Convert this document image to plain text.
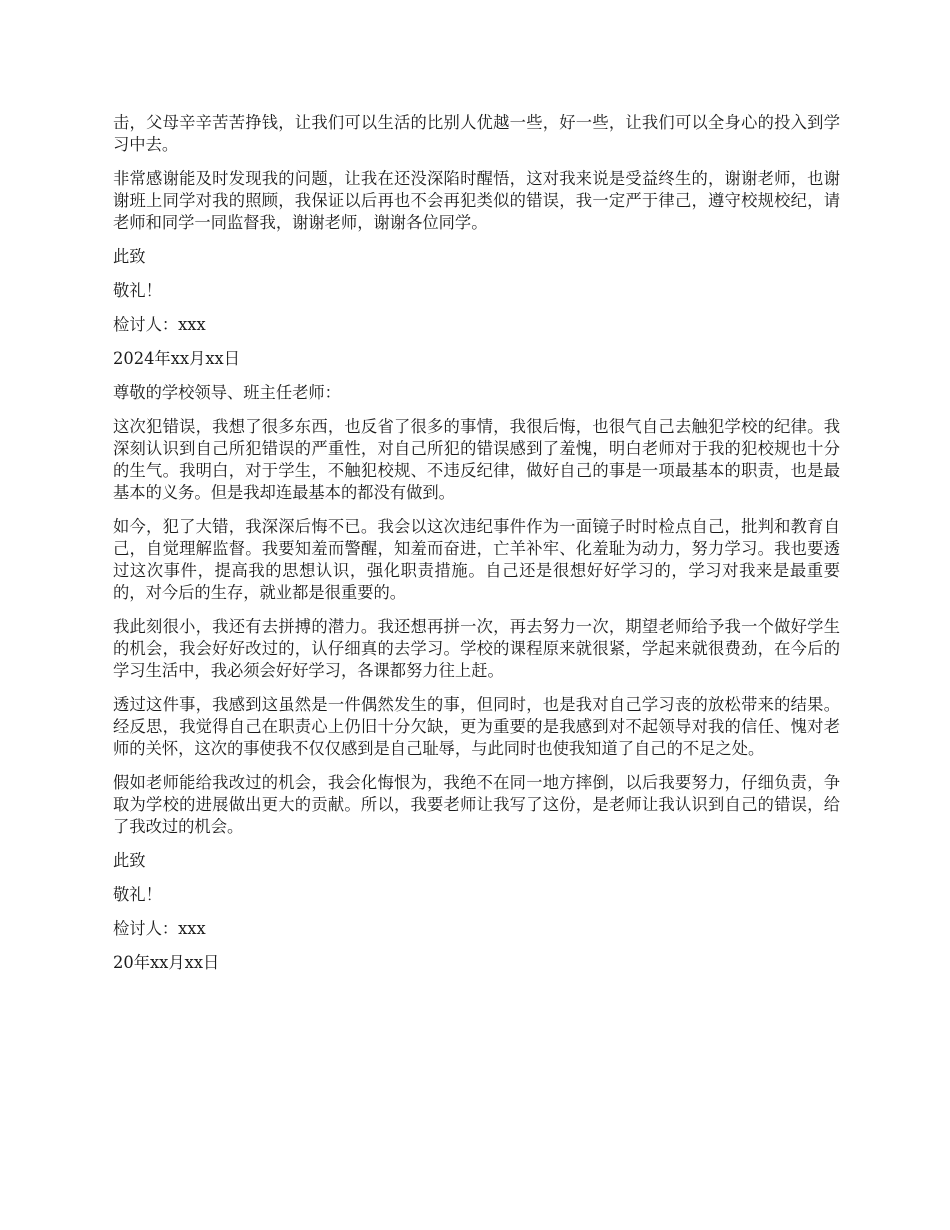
击，父母辛辛苦苦挣钱，让我们可以生活的比别人优越一些，好一些，让我们可以全身心的投入到学习中去。

非常感谢能及时发现我的问题，让我在还没深陷时醒悟，这对我来说是受益终生的，谢谢老师，也谢谢班上同学对我的照顾，我保证以后再也不会再犯类似的错误，我一定严于律己，遵守校规校纪，请老师和同学一同监督我，谢谢老师，谢谢各位同学。

此致

敬礼！

检讨人：xxx

2024年xx月xx日

尊敬的学校领导、班主任老师：

这次犯错误，我想了很多东西，也反省了很多的事情，我很后悔，也很气自己去触犯学校的纪律。我深刻认识到自己所犯错误的严重性，对自己所犯的错误感到了羞愧，明白老师对于我的犯校规也十分的生气。我明白，对于学生，不触犯校规、不违反纪律，做好自己的事是一项最基本的职责，也是最基本的义务。但是我却连最基本的都没有做到。

如今，犯了大错，我深深后悔不已。我会以这次违纪事件作为一面镜子时时检点自己，批判和教育自己，自觉理解监督。我要知羞而警醒，知羞而奋进，亡羊补牢、化羞耻为动力，努力学习。我也要透过这次事件，提高我的思想认识，强化职责措施。自己还是很想好好学习的，学习对我来是最重要的，对今后的生存，就业都是很重要的。

我此刻很小，我还有去拼搏的潜力。我还想再拼一次，再去努力一次，期望老师给予我一个做好学生的机会，我会好好改过的，认仔细真的去学习。学校的课程原来就很紧，学起来就很费劲，在今后的学习生活中，我必须会好好学习，各课都努力往上赶。

透过这件事，我感到这虽然是一件偶然发生的事，但同时，也是我对自己学习丧的放松带来的结果。经反思，我觉得自己在职责心上仍旧十分欠缺，更为重要的是我感到对不起领导对我的信任、愧对老师的关怀，这次的事使我不仅仅感到是自己耻辱，与此同时也使我知道了自己的不足之处。

假如老师能给我改过的机会，我会化悔恨为，我绝不在同一地方摔倒，以后我要努力，仔细负责，争取为学校的进展做出更大的贡献。所以，我要老师让我写了这份，是老师让我认识到自己的错误，给了我改过的机会。

此致

敬礼！

检讨人：xxx

20年xx月xx日
